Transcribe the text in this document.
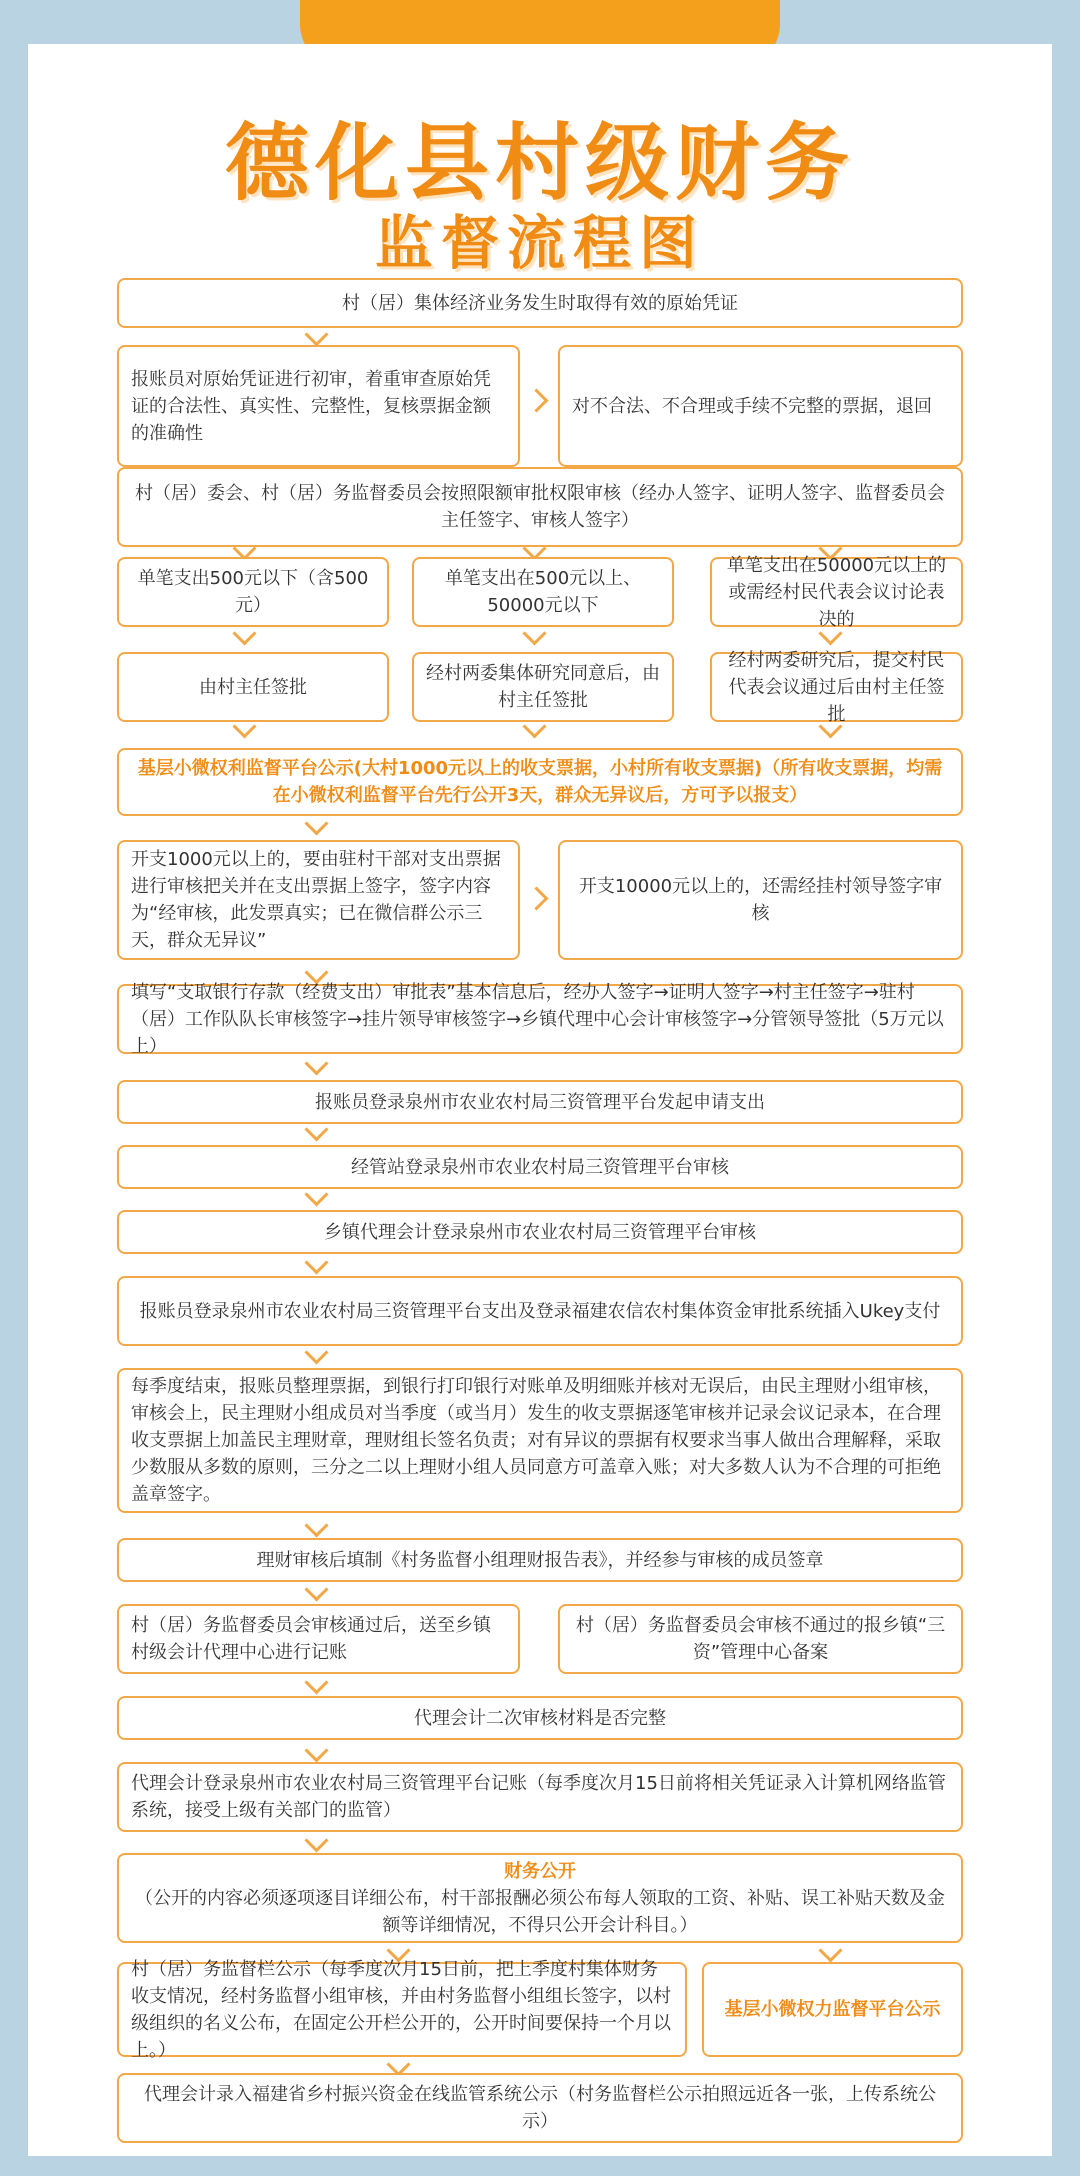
德化县村级财务
监督流程图
村（居）集体经济业务发生时取得有效的原始凭证
报账员对原始凭证进行初审，着重审查原始凭证的合法性、真实性、完整性，复核票据金额的准确性
对不合法、不合理或手续不完整的票据，退回
村（居）委会、村（居）务监督委员会按照限额审批权限审核（经办人签字、证明人签字、监督委员会主任签字、审核人签字）
单笔支出500元以下（含500元）
单笔支出在500元以上、50000元以下
单笔支出在50000元以上的或需经村民代表会议讨论表决的
由村主任签批
经村两委集体研究同意后，由村主任签批
经村两委研究后，提交村民代表会议通过后由村主任签批
基层小微权利监督平台公示(大村1000元以上的收支票据，小村所有收支票据)（所有收支票据，均需在小微权利监督平台先行公开3天，群众无异议后，方可予以报支）
开支1000元以上的，要由驻村干部对支出票据进行审核把关并在支出票据上签字，签字内容为“经审核，此发票真实；已在微信群公示三天，群众无异议”
开支10000元以上的，还需经挂村领导签字审核
填写“支取银行存款（经费支出）审批表”基本信息后，经办人签字→证明人签字→村主任签字→驻村（居）工作队队长审核签字→挂片领导审核签字→乡镇代理中心会计审核签字→分管领导签批（5万元以上）
报账员登录泉州市农业农村局三资管理平台发起申请支出
经管站登录泉州市农业农村局三资管理平台审核
乡镇代理会计登录泉州市农业农村局三资管理平台审核
报账员登录泉州市农业农村局三资管理平台支出及登录福建农信农村集体资金审批系统插入Ukey支付
每季度结束，报账员整理票据，到银行打印银行对账单及明细账并核对无误后，由民主理财小组审核，审核会上，民主理财小组成员对当季度（或当月）发生的收支票据逐笔审核并记录会议记录本，在合理收支票据上加盖民主理财章，理财组长签名负责；对有异议的票据有权要求当事人做出合理解释，采取少数服从多数的原则，三分之二以上理财小组人员同意方可盖章入账；对大多数人认为不合理的可拒绝盖章签字。
理财审核后填制《村务监督小组理财报告表》，并经参与审核的成员签章
村（居）务监督委员会审核通过后，送至乡镇村级会计代理中心进行记账
村（居）务监督委员会审核不通过的报乡镇“三资”管理中心备案
代理会计二次审核材料是否完整
代理会计登录泉州市农业农村局三资管理平台记账（每季度次月15日前将相关凭证录入计算机网络监管系统，接受上级有关部门的监管）
财务公开
（公开的内容必须逐项逐目详细公布，村干部报酬必须公布每人领取的工资、补贴、误工补贴天数及金额等详细情况，不得只公开会计科目。）
村（居）务监督栏公示（每季度次月15日前，把上季度村集体财务收支情况，经村务监督小组审核，并由村务监督小组组长签字，以村级组织的名义公布，在固定公开栏公开的，公开时间要保持一个月以上。）
基层小微权力监督平台公示
代理会计录入福建省乡村振兴资金在线监管系统公示（村务监督栏公示拍照远近各一张，上传系统公示）
